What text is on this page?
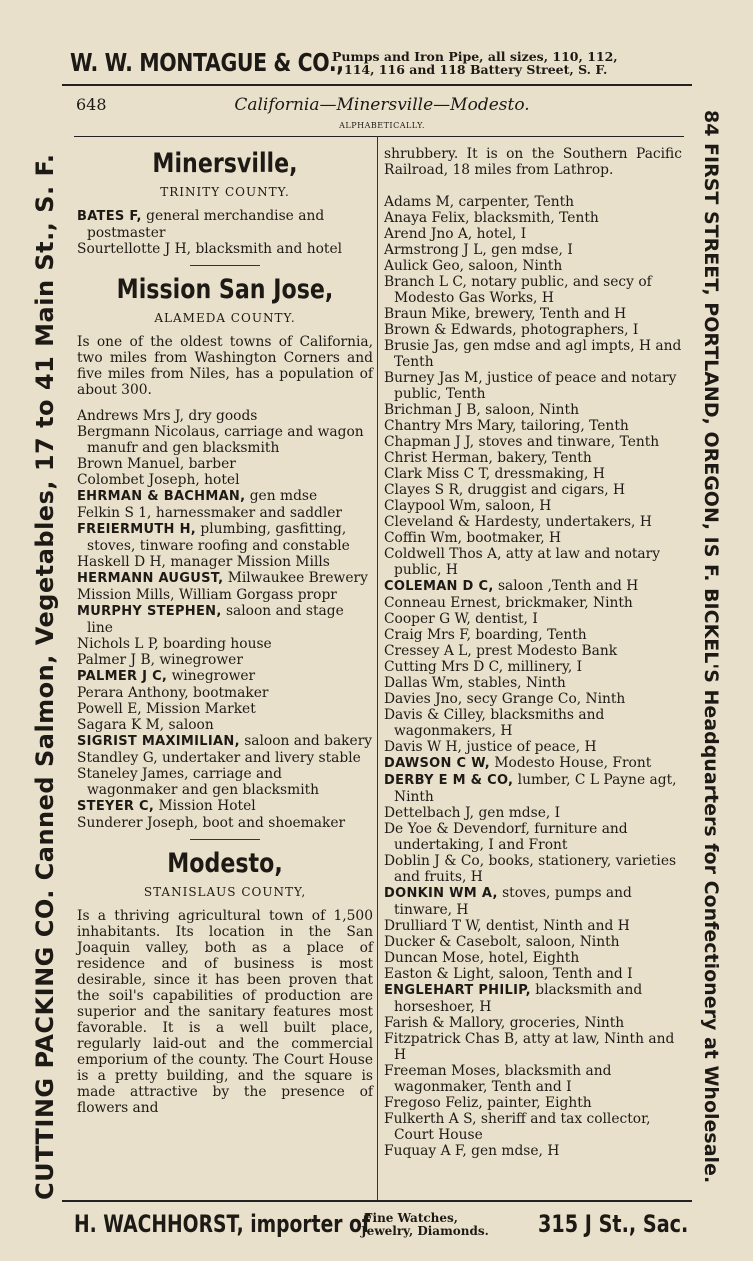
W. W. MONTAGUE & CO.,
Pumps and Iron Pipe, all sizes, 110, 112,
114, 116 and 118 Battery Street, S. F.
648	California—Minersville—Modesto.
ALPHABETICALLY.
Minersville,
TRINITY COUNTY.

BATES F, general merchandise and postmaster

Sourtellotte J H, blacksmith and hotel

Mission San Jose,
ALAMEDA COUNTY.

Is one of the oldest towns of California, two miles from Washington Corners and five miles from Niles, has a population of about 300.

Andrews Mrs J, dry goods

Bergmann Nicolaus, carriage and wagon manufr and gen blacksmith

Brown Manuel, barber

Colombet Joseph, hotel

EHRMAN & BACHMAN, gen mdse

Felkin S 1, harnessmaker and saddler

FREIERMUTH H, plumbing, gasfitting, stoves, tinware roofing and constable

Haskell D H, manager Mission Mills

HERMANN AUGUST, Milwaukee Brewery

Mission Mills, William Gorgass propr

MURPHY STEPHEN, saloon and stage line

Nichols L P, boarding house

Palmer J B, winegrower

PALMER J C, winegrower

Perara Anthony, bootmaker

Powell E, Mission Market

Sagara K M, saloon

SIGRIST MAXIMILIAN, saloon and bakery

Standley G, undertaker and livery stable

Staneley James, carriage and wagonmaker and gen blacksmith

STEYER C, Mission Hotel

Sunderer Joseph, boot and shoemaker

Modesto,
STANISLAUS COUNTY,

Is a thriving agricultural town of 1,500 inhabitants. Its location in the San Joaquin valley, both as a place of residence and of business is most desirable, since it has been proven that the soil's capabilities of production are superior and the sanitary features most favorable. It is a well built place, regularly laid-out and the commercial emporium of the county. The Court House is a pretty building, and the square is made attractive by the presence of flowers and

shrubbery. It is on the Southern Pacific Railroad, 18 miles from Lathrop.

Adams M, carpenter, Tenth

Anaya Felix, blacksmith, Tenth

Arend Jno A, hotel, I

Armstrong J L, gen mdse, I

Aulick Geo, saloon, Ninth

Branch L C, notary public, and secy of Modesto Gas Works, H

Braun Mike, brewery, Tenth and H

Brown & Edwards, photographers, I

Brusie Jas, gen mdse and agl impts, H and Tenth

Burney Jas M, justice of peace and notary public, Tenth

Brichman J B, saloon, Ninth

Chantry Mrs Mary, tailoring, Tenth

Chapman J J, stoves and tinware, Tenth

Christ Herman, bakery, Tenth

Clark Miss C T, dressmaking, H

Clayes S R, druggist and cigars, H

Claypool Wm, saloon, H

Cleveland & Hardesty, undertakers, H

Coffin Wm, bootmaker, H

Coldwell Thos A, atty at law and notary public, H

COLEMAN D C, saloon ,Tenth and H

Conneau Ernest, brickmaker, Ninth

Cooper G W, dentist, I

Craig Mrs F, boarding, Tenth

Cressey A L, prest Modesto Bank

Cutting Mrs D C, millinery, I

Dallas Wm, stables, Ninth

Davies Jno, secy Grange Co, Ninth

Davis & Cilley, blacksmiths and wagonmakers, H

Davis W H, justice of peace, H

DAWSON C W, Modesto House, Front

DERBY E M & CO, lumber, C L Payne agt, Ninth

Dettelbach J, gen mdse, I

De Yoe & Devendorf, furniture and undertaking, I and Front

Doblin J & Co, books, stationery, varieties and fruits, H

DONKIN WM A, stoves, pumps and tinware, H

Drulliard T W, dentist, Ninth and H

Ducker & Casebolt, saloon, Ninth

Duncan Mose, hotel, Eighth

Easton & Light, saloon, Tenth and I

ENGLEHART PHILIP, blacksmith and horseshoer, H

Farish & Mallory, groceries, Ninth

Fitzpatrick Chas B, atty at law, Ninth and H

Freeman Moses, blacksmith and wagonmaker, Tenth and I

Fregoso Feliz, painter, Eighth

Fulkerth A S, sheriff and tax collector, Court House

Fuquay A F, gen mdse, H

H. WACHHORST, importer of
Fine Watches,
Jewelry, Diamonds. 315 J St., Sac.
CUTTING PACKING CO. Canned Salmon, Vegetables, 17 to 41 Main St., S. F.	84 FIRST STREET, PORTLAND, OREGON, IS F. BICKEL'S Headquarters for Confectionery at Wholesale.
